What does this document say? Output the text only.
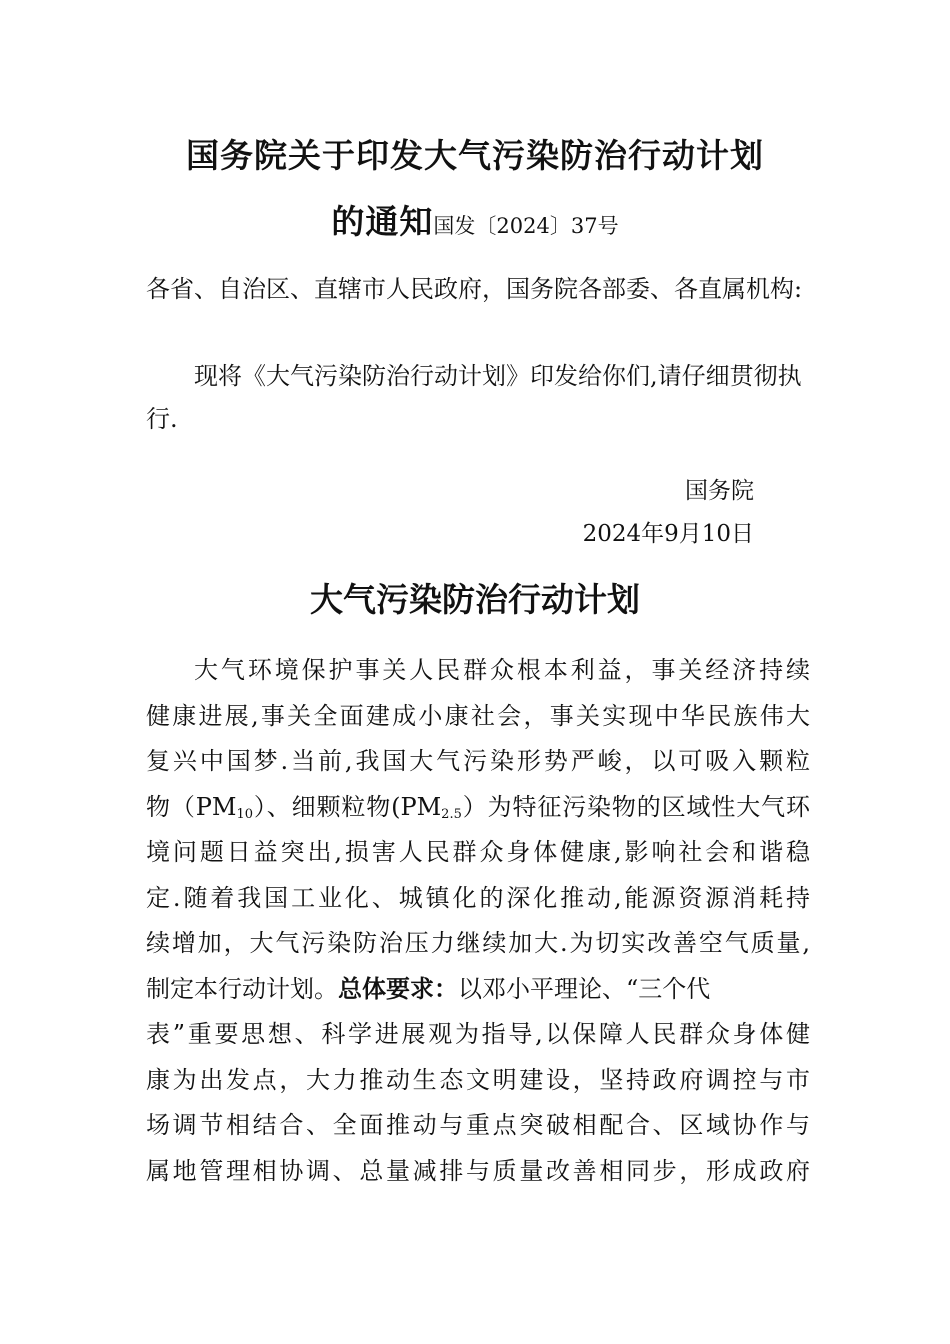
国务院关于印发大气污染防治行动计划
的通知国发〔2024〕37号

各省、自治区、直辖市人民政府，国务院各部委、各直属机构:

现将《大气污染防治行动计划》印发给你们,请仔细贯彻执行.

国务院

2024年9月10日

大气污染防治行动计划
大气环境保护事关人民群众根本利益，事关经济持续
健康进展,事关全面建成小康社会，事关实现中华民族伟大
复兴中国梦.当前,我国大气污染形势严峻，以可吸入颗粒
物$(PM_{10})$、细颗粒物$(PM_{2.5})$为特征污染物的区域性大气环
境问题日益突出,损害人民群众身体健康,影响社会和谐稳
定.随着我国工业化、城镇化的深化推动,能源资源消耗持
续增加，大气污染防治压力继续加大.为切实改善空气质量,
制定本行动计划。总体要求：以邓小平理论、“三个代
表”重要思想、科学进展观为指导,以保障人民群众身体健
康为出发点，大力推动生态文明建设，坚持政府调控与市
场调节相结合、全面推动与重点突破相配合、区域协作与
属地管理相协调、总量减排与质量改善相同步，形成政府
